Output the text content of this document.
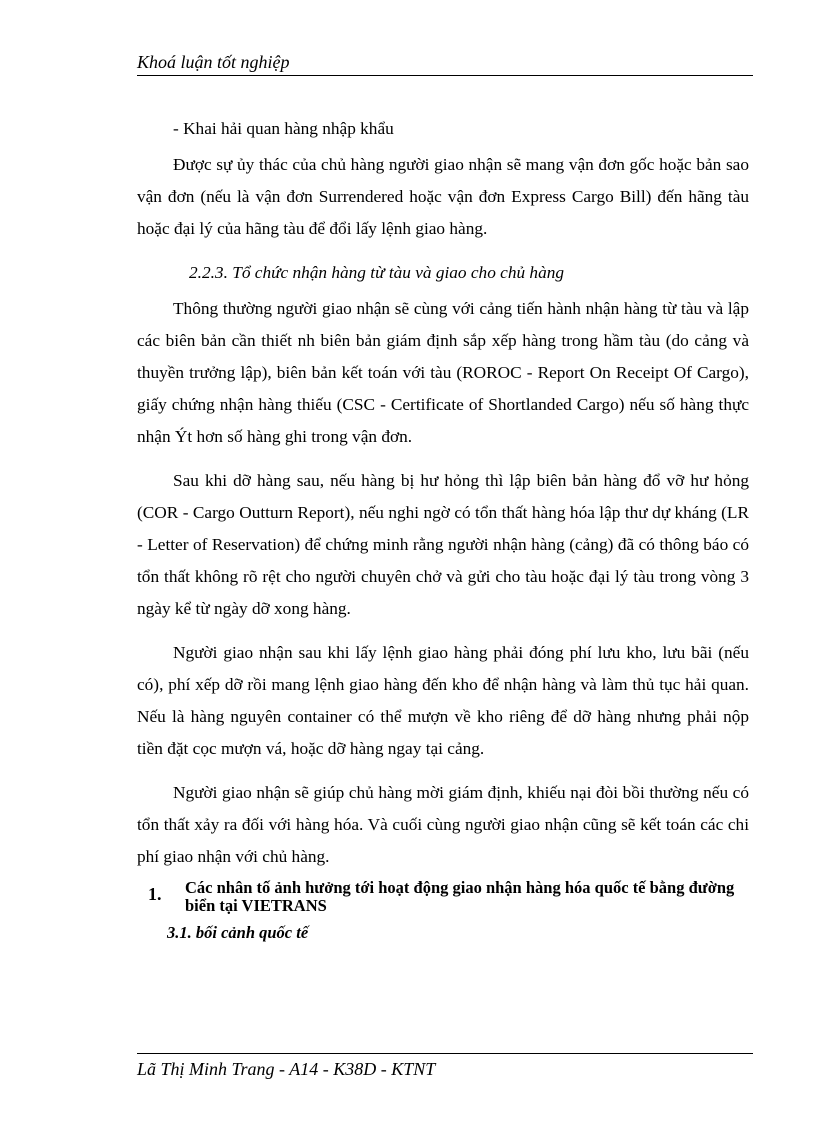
Khoá luận tốt nghiệp
- Khai hải quan hàng nhập khẩu

Được sự ủy thác của chủ hàng người giao nhận sẽ mang vận đơn gốc hoặc bản sao vận đơn (nếu là vận đơn Surrendered hoặc vận đơn Express Cargo Bill) đến hãng tàu hoặc đại lý của hãng tàu để đổi lấy lệnh giao hàng.

2.2.3. Tổ chức nhận hàng từ tàu và giao cho chủ hàng

Thông thường người giao nhận sẽ cùng với cảng tiến hành nhận hàng từ tàu và lập các biên bản cần thiết nh biên bản giám định sắp xếp hàng trong hầm tàu (do cảng và thuyền trưởng lập), biên bản kết toán với tàu (ROROC - Report On Receipt Of Cargo), giấy chứng nhận hàng thiếu (CSC - Certificate of Shortlanded Cargo) nếu số hàng thực nhận Ýt hơn số hàng ghi trong vận đơn.

Sau khi dỡ hàng sau, nếu hàng bị hư hỏng thì lập biên bản hàng đổ vỡ hư hỏng (COR - Cargo Outturn Report), nếu nghi ngờ có tổn thất hàng hóa lập thư dự kháng (LR - Letter of Reservation) để chứng minh rằng người nhận hàng (cảng) đã có thông báo có tổn thất không rõ rệt cho người chuyên chở và gửi cho tàu hoặc đại lý tàu trong vòng 3 ngày kể từ ngày dỡ xong hàng.

Người giao nhận sau khi lấy lệnh giao hàng phải đóng phí lưu kho, lưu bãi (nếu có), phí xếp dỡ rồi mang lệnh giao hàng đến kho để nhận hàng và làm thủ tục hải quan. Nếu là hàng nguyên container có thể mượn về kho riêng để dỡ hàng nhưng phải nộp tiền đặt cọc mượn vá, hoặc dỡ hàng ngay tại cảng.

Người giao nhận sẽ giúp chủ hàng mời giám định, khiếu nại đòi bồi thường nếu có tổn thất xảy ra đối với hàng hóa. Và cuối cùng người giao nhận cũng sẽ kết toán các chi phí giao nhận với chủ hàng.

1.	Các nhân tố ảnh hưởng tới hoạt động giao nhận hàng hóa quốc tế bằng đường biển tại VIETRANS
3.1. bối cảnh quốc tế
Lã Thị Minh Trang - A14 - K38D - KTNT
